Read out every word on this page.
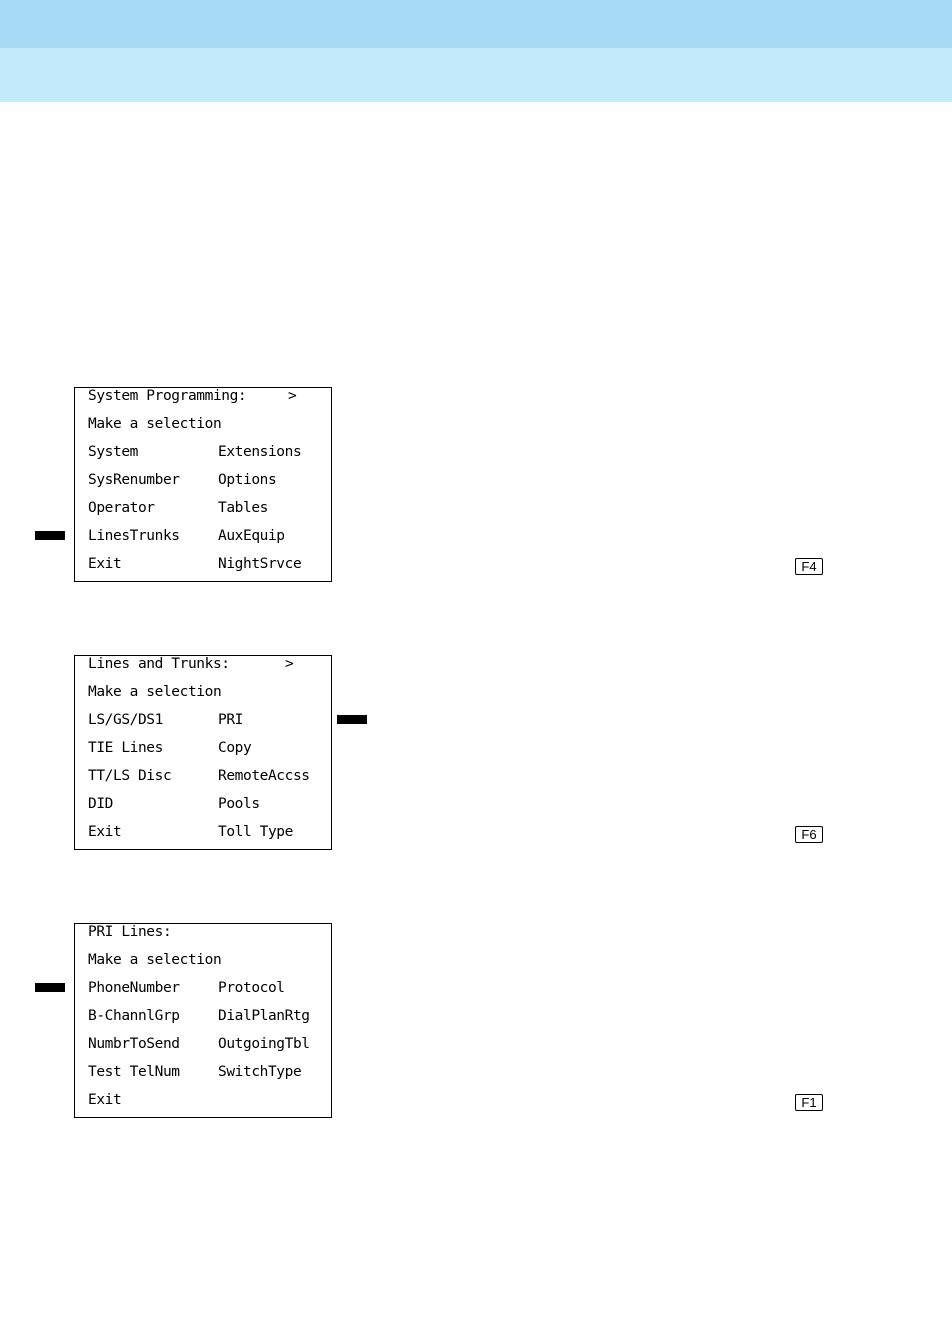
System Programming:	>
Make a selection
System	Extensions
SysRenumber	Options
Operator	Tables
LinesTrunks	AuxEquip
Exit	NightSrvce	F4
Lines and Trunks:	>
Make a selection
LS/GS/DS1	PRI
TIE Lines	Copy
TT/LS Disc	RemoteAccss
DID	Pools
Exit	Toll Type	F6
PRI Lines:
Make a selection
PhoneNumber	Protocol
B-ChannlGrp	DialPlanRtg
NumbrToSend	OutgoingTbl
Test TelNum	SwitchType
Exit	F1
